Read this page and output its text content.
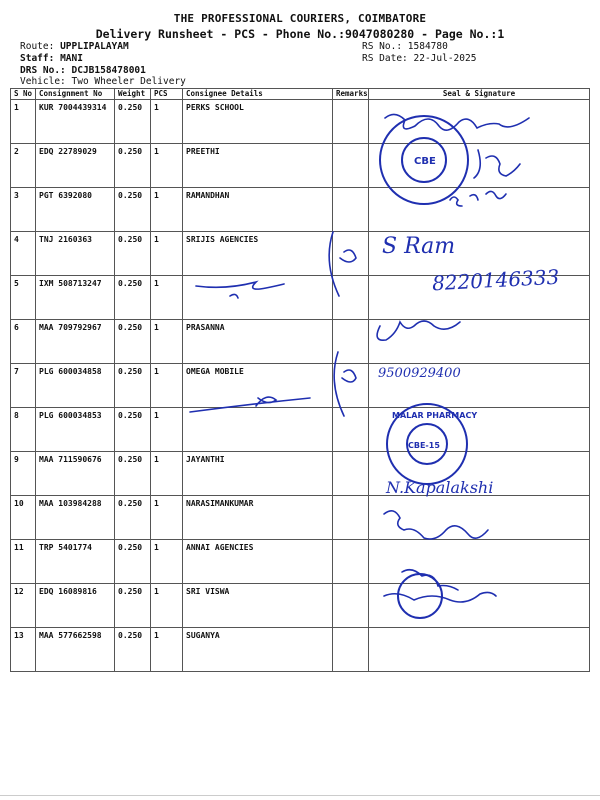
THE PROFESSIONAL COURIERS, COIMBATORE
Delivery Runsheet - PCS - Phone No.:9047080280 - Page No.:1
Route: UPPLIPALAYAM
Staff: MANI
DRS No.: DCJB158478001
Vehicle: Two Wheeler Delivery
RS No.: 1584780
RS Date: 22-Jul-2025
S No	Consignment No	Weight	PCS	Consignee Details	Remarks	Seal & Signature
1	KUR 7004439314	0.250	1	PERKS SCHOOL		
2	EDQ 22789029	0.250	1	PREETHI		
3	PGT 6392080	0.250	1	RAMANDHAN		
4	TNJ 2160363	0.250	1	SRIJIS AGENCIES		
5	IXM 508713247	0.250	1			
6	MAA 709792967	0.250	1	PRASANNA		
7	PLG 600034858	0.250	1	OMEGA MOBILE		
8	PLG 600034853	0.250	1			
9	MAA 711590676	0.250	1	JAYANTHI		
10	MAA 103984288	0.250	1	NARASIMANKUMAR		
11	TRP 5401774	0.250	1	ANNAI AGENCIES		
12	EDQ 16089816	0.250	1	SRI VISWA		
13	MAA 577662598	0.250	1	SUGANYA		
CBE
CBE-15
MALAR PHARMACY
S Ram
8220146333
9500929400
N.Kapalakshi
